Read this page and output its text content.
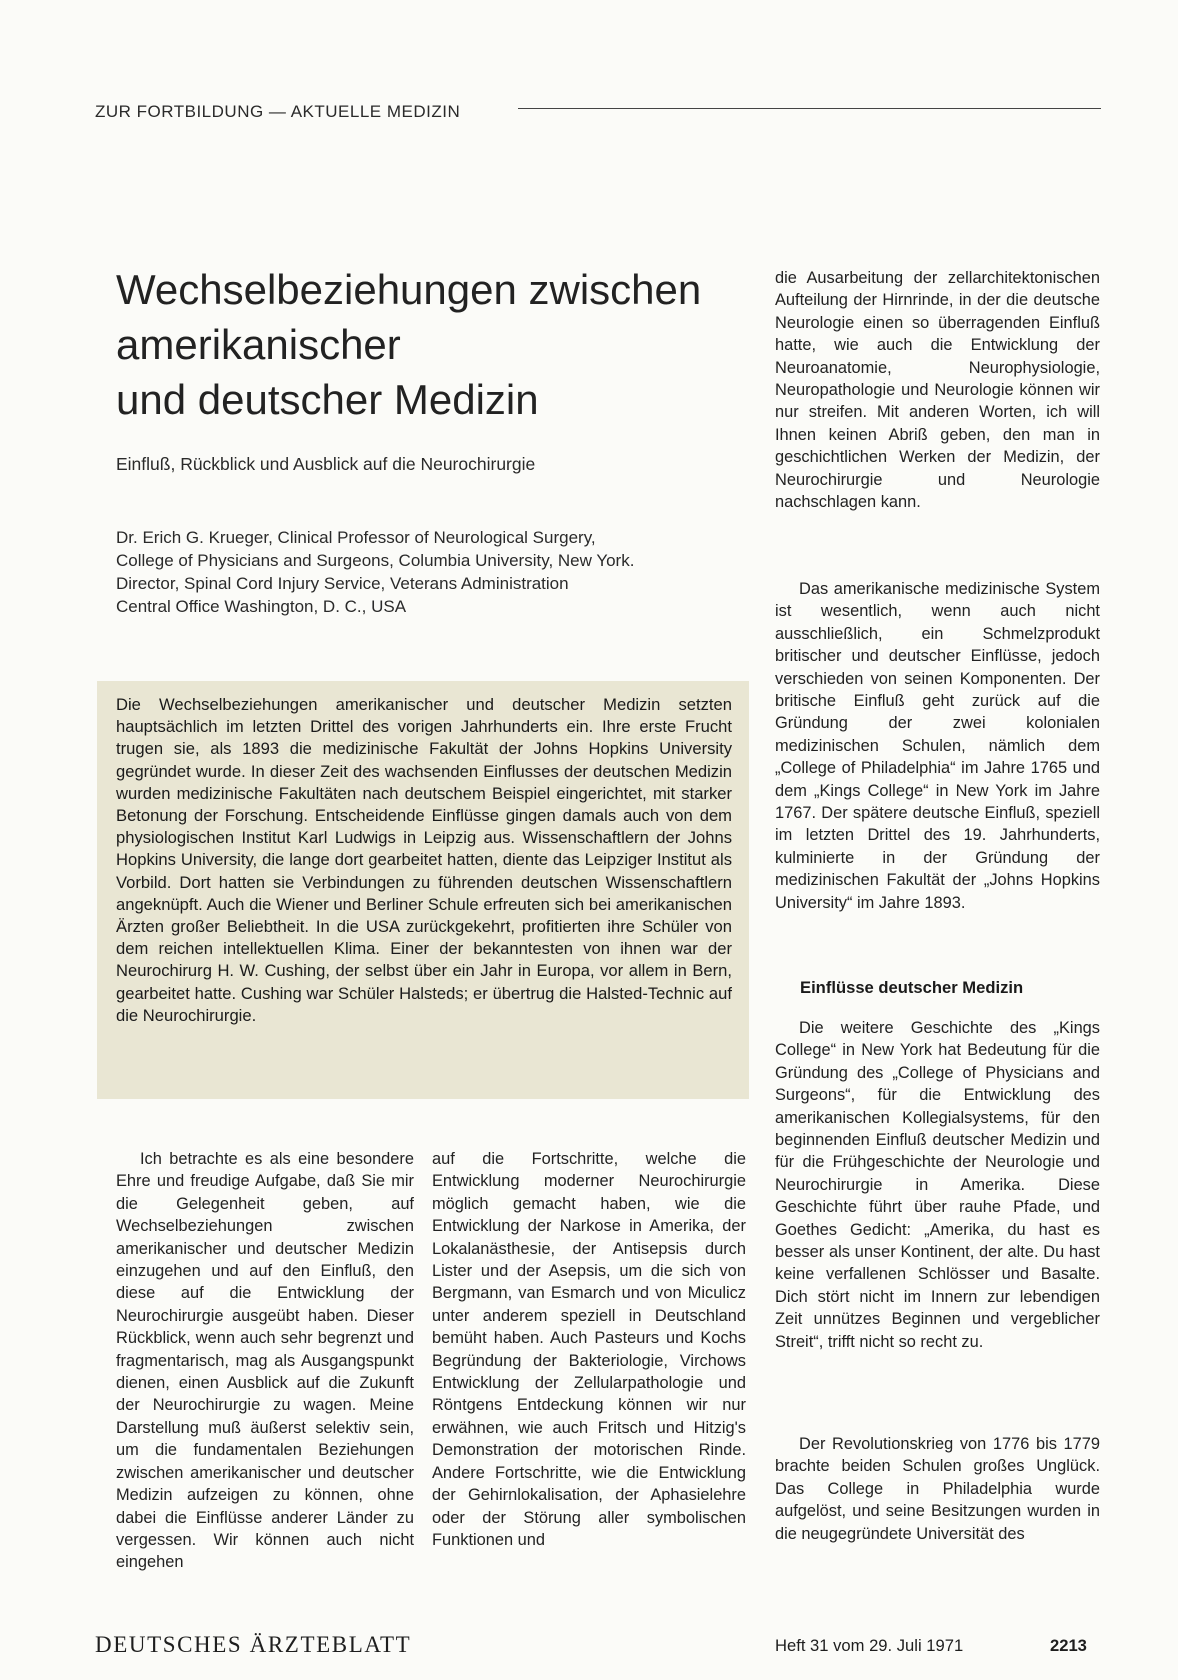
ZUR FORTBILDUNG — AKTUELLE MEDIZIN
Wechselbeziehungen zwischen
amerikanischer
und deutscher Medizin
Einfluß, Rückblick und Ausblick auf die Neurochirurgie
Dr. Erich G. Krueger, Clinical Professor of Neurological Surgery,
College of Physicians and Surgeons, Columbia University, New York.
Director, Spinal Cord Injury Service, Veterans Administration
Central Office Washington, D. C., USA
Die Wechselbeziehungen amerikanischer und deutscher Medizin setzten hauptsächlich im letzten Drittel des vorigen Jahrhunderts ein. Ihre erste Frucht trugen sie, als 1893 die medizinische Fakultät der Johns Hopkins University gegründet wurde. In dieser Zeit des wachsenden Einflusses der deutschen Medizin wurden medizinische Fakultäten nach deutschem Beispiel eingerichtet, mit starker Betonung der Forschung. Entscheidende Einflüsse gingen damals auch von dem physiologischen Institut Karl Ludwigs in Leipzig aus. Wissenschaftlern der Johns Hopkins University, die lange dort gearbeitet hatten, diente das Leipziger Institut als Vorbild. Dort hatten sie Verbindungen zu führenden deutschen Wissenschaftlern angeknüpft. Auch die Wiener und Berliner Schule erfreuten sich bei amerikanischen Ärzten großer Beliebtheit. In die USA zurückgekehrt, profitierten ihre Schüler von dem reichen intellektuellen Klima. Einer der bekanntesten von ihnen war der Neurochirurg H. W. Cushing, der selbst über ein Jahr in Europa, vor allem in Bern, gearbeitet hatte. Cushing war Schüler Halsteds; er übertrug die Halsted-Technic auf die Neurochirurgie.
Ich betrachte es als eine besondere Ehre und freudige Aufgabe, daß Sie mir die Gelegenheit geben, auf Wechselbeziehungen zwischen amerikanischer und deutscher Medizin einzugehen und auf den Einfluß, den diese auf die Entwicklung der Neurochirurgie ausgeübt haben. Dieser Rückblick, wenn auch sehr begrenzt und fragmentarisch, mag als Ausgangspunkt dienen, einen Ausblick auf die Zukunft der Neurochirurgie zu wagen. Meine Darstellung muß äußerst selektiv sein, um die fundamentalen Beziehungen zwischen amerikanischer und deutscher Medizin aufzeigen zu können, ohne dabei die Einflüsse anderer Länder zu vergessen. Wir können auch nicht eingehen
auf die Fortschritte, welche die Entwicklung moderner Neurochirurgie möglich gemacht haben, wie die Entwicklung der Narkose in Amerika, der Lokalanästhesie, der Antisepsis durch Lister und der Asepsis, um die sich von Bergmann, van Esmarch und von Miculicz unter anderem speziell in Deutschland bemüht haben. Auch Pasteurs und Kochs Begründung der Bakteriologie, Virchows Entwicklung der Zellularpathologie und Röntgens Entdeckung können wir nur erwähnen, wie auch Fritsch und Hitzig's Demonstration der motorischen Rinde. Andere Fortschritte, wie die Entwicklung der Gehirnlokalisation, der Aphasielehre oder der Störung aller symbolischen Funktionen und
die Ausarbeitung der zellarchitektonischen Aufteilung der Hirnrinde, in der die deutsche Neurologie einen so überragenden Einfluß hatte, wie auch die Entwicklung der Neuroanatomie, Neurophysiologie, Neuropathologie und Neurologie können wir nur streifen. Mit anderen Worten, ich will Ihnen keinen Abriß geben, den man in geschichtlichen Werken der Medizin, der Neurochirurgie und Neurologie nachschlagen kann.
Das amerikanische medizinische System ist wesentlich, wenn auch nicht ausschließlich, ein Schmelzprodukt britischer und deutscher Einflüsse, jedoch verschieden von seinen Komponenten. Der britische Einfluß geht zurück auf die Gründung der zwei kolonialen medizinischen Schulen, nämlich dem „College of Philadelphia“ im Jahre 1765 und dem „Kings College“ in New York im Jahre 1767. Der spätere deutsche Einfluß, speziell im letzten Drittel des 19. Jahrhunderts, kulminierte in der Gründung der medizinischen Fakultät der „Johns Hopkins University“ im Jahre 1893.
Einflüsse deutscher Medizin
Die weitere Geschichte des „Kings College“ in New York hat Bedeutung für die Gründung des „College of Physicians and Surgeons“, für die Entwicklung des amerikanischen Kollegialsystems, für den beginnenden Einfluß deutscher Medizin und für die Frühgeschichte der Neurologie und Neurochirurgie in Amerika. Diese Geschichte führt über rauhe Pfade, und Goethes Gedicht: „Amerika, du hast es besser als unser Kontinent, der alte. Du hast keine verfallenen Schlösser und Basalte. Dich stört nicht im Innern zur lebendigen Zeit unnützes Beginnen und vergeblicher Streit“, trifft nicht so recht zu.
Der Revolutionskrieg von 1776 bis 1779 brachte beiden Schulen großes Unglück. Das College in Philadelphia wurde aufgelöst, und seine Besitzungen wurden in die neugegründete Universität des
DEUTSCHES ÄRZTEBLATT	Heft 31 vom 29. Juli 1971	2213
